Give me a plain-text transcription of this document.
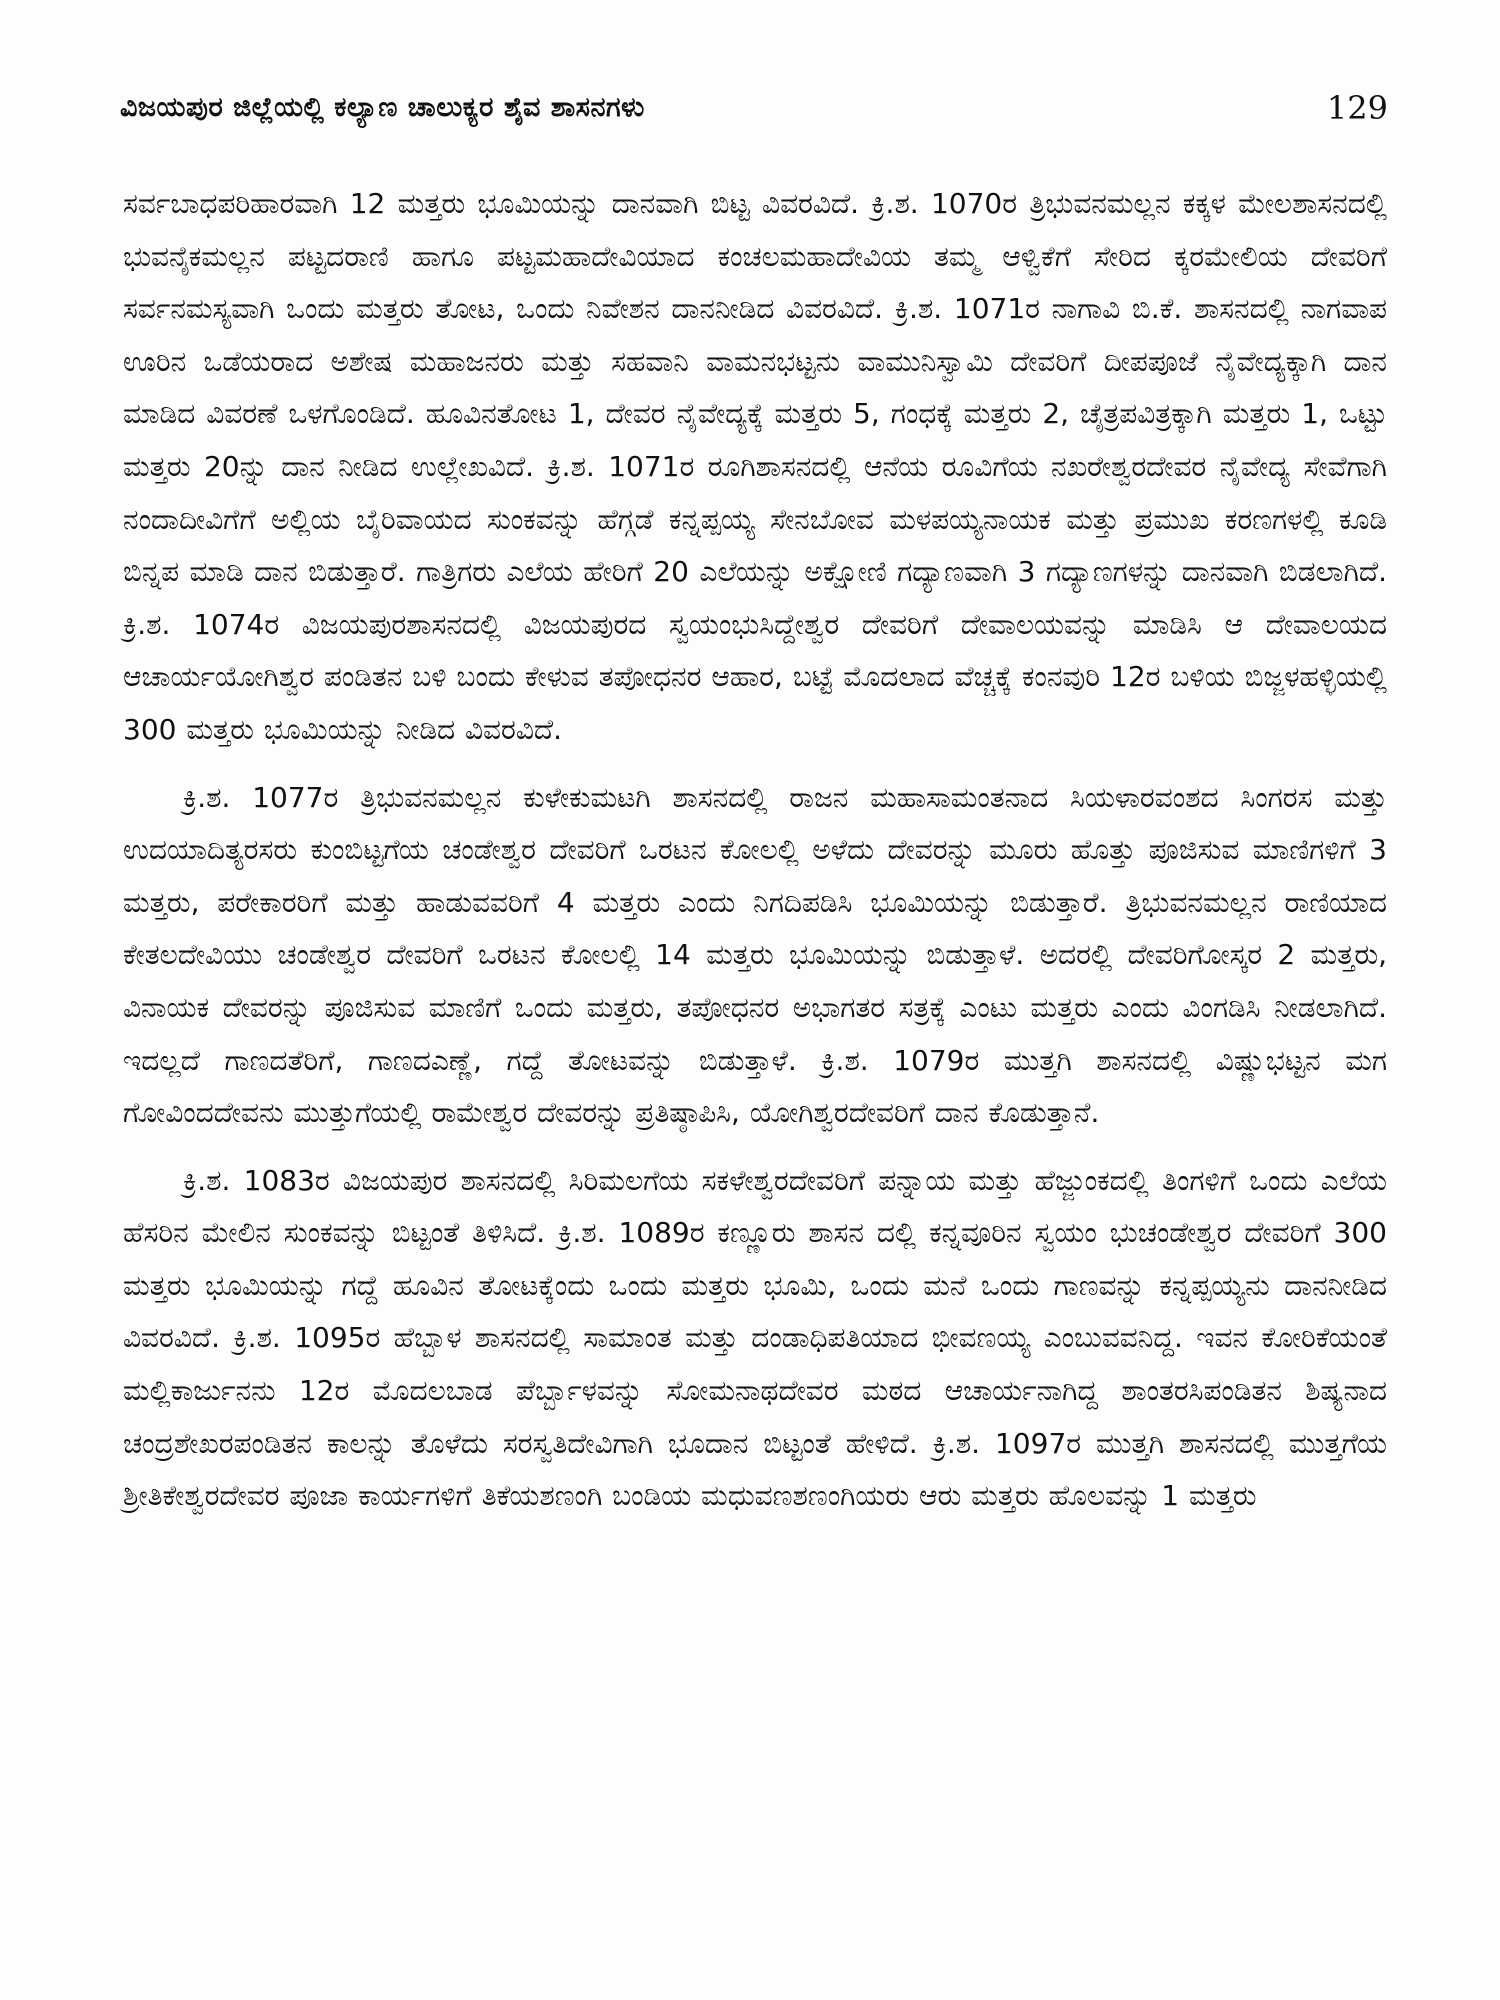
ವಿಜಯಪುರ ಜಿಲ್ಲೆಯಲ್ಲಿ ಕಲ್ಯಾಣ ಚಾಲುಕ್ಯರ ಶೈವ ಶಾಸನಗಳು	129

ಸರ್ವಬಾಧಪರಿಹಾರವಾಗಿ 12 ಮತ್ತರು ಭೂಮಿಯನ್ನು ದಾನವಾಗಿ ಬಿಟ್ಟ ವಿವರವಿದೆ. ಕ್ರಿ.ಶ. 1070ರ ತ್ರಿಭುವನಮಲ್ಲನ ಕಕ್ಕಳ ಮೇಲಶಾಸನದಲ್ಲಿ ಭುವನೈಕಮಲ್ಲನ ಪಟ್ಟದರಾಣಿ ಹಾಗೂ ಪಟ್ಟಮಹಾದೇವಿಯಾದ ಕಂಚಲಮಹಾದೇವಿಯ ತಮ್ಮ ಆಳ್ವಿಕೆಗೆ ಸೇರಿದ ಕ್ಕರಮೇಲಿಯ ದೇವರಿಗೆ ಸರ್ವನಮಸ್ಯವಾಗಿ ಒಂದು ಮತ್ತರು ತೋಟ, ಒಂದು ನಿವೇಶನ ದಾನನೀಡಿದ ವಿವರವಿದೆ. ಕ್ರಿ.ಶ. 1071ರ ನಾಗಾವಿ ಬಿ.ಕೆ. ಶಾಸನದಲ್ಲಿ ನಾಗವಾಪ ಊರಿನ ಒಡೆಯರಾದ ಅಶೇಷ ಮಹಾಜನರು ಮತ್ತು ಸಹವಾನಿ ವಾಮನಭಟ್ಟನು ವಾಮುನಿಸ್ವಾಮಿ ದೇವರಿಗೆ ದೀಪಪೂಜೆ ನೈವೇದ್ಯಕ್ಕಾಗಿ ದಾನ ಮಾಡಿದ ವಿವರಣೆ ಒಳಗೊಂಡಿದೆ. ಹೂವಿನತೋಟ 1, ದೇವರ ನೈವೇದ್ಯಕ್ಕೆ ಮತ್ತರು 5, ಗಂಧಕ್ಕೆ ಮತ್ತರು 2, ಚೈತ್ರಪವಿತ್ರಕ್ಕಾಗಿ ಮತ್ತರು 1, ಒಟ್ಟು ಮತ್ತರು 20ನ್ನು ದಾನ ನೀಡಿದ ಉಲ್ಲೇಖವಿದೆ. ಕ್ರಿ.ಶ. 1071ರ ರೂಗಿಶಾಸನದಲ್ಲಿ ಆನೆಯ ರೂವಿಗೆಯ ನಖರೇಶ್ವರದೇವರ ನೈವೇದ್ಯ ಸೇವೆಗಾಗಿ ನಂದಾದೀವಿಗೆಗೆ ಅಲ್ಲಿಯ ಬೈರಿವಾಯದ ಸುಂಕವನ್ನು ಹೆಗ್ಗಡೆ ಕನ್ನಪ್ಪಯ್ಯ ಸೇನಬೋವ ಮಳಪಯ್ಯನಾಯಕ ಮತ್ತು ಪ್ರಮುಖ ಕರಣಗಳಲ್ಲಿ ಕೂಡಿ ಬಿನ್ನಪ ಮಾಡಿ ದಾನ ಬಿಡುತ್ತಾರೆ. ಗಾತ್ರಿಗರು ಎಲೆಯ ಹೇರಿಗೆ 20 ಎಲೆಯನ್ನು ಅಕ್ಷೋಣಿ ಗದ್ಯಾಣವಾಗಿ 3 ಗದ್ಯಾಣಗಳನ್ನು ದಾನವಾಗಿ ಬಿಡಲಾಗಿದೆ. ಕ್ರಿ.ಶ. 1074ರ ವಿಜಯಪುರಶಾಸನದಲ್ಲಿ ವಿಜಯಪುರದ ಸ್ವಯಂಭುಸಿದ್ದೇಶ್ವರ ದೇವರಿಗೆ ದೇವಾಲಯವನ್ನು ಮಾಡಿಸಿ ಆ ದೇವಾಲಯದ ಆಚಾರ್ಯಯೋಗಿಶ್ವರ ಪಂಡಿತನ ಬಳಿ ಬಂದು ಕೇಳುವ ತಪೋಧನರ ಆಹಾರ, ಬಟ್ಟೆ ಮೊದಲಾದ ವೆಚ್ಚಕ್ಕೆ ಕಂನವುರಿ 12ರ ಬಳಿಯ ಬಿಜ್ಜಳಹಳ್ಳಿಯಲ್ಲಿ 300 ಮತ್ತರು ಭೂಮಿಯನ್ನು ನೀಡಿದ ವಿವರವಿದೆ.

ಕ್ರಿ.ಶ. 1077ರ ತ್ರಿಭುವನಮಲ್ಲನ ಕುಳೇಕುಮಟಗಿ ಶಾಸನದಲ್ಲಿ ರಾಜನ ಮಹಾಸಾಮಂತನಾದ ಸಿಯಳಾರವಂಶದ ಸಿಂಗರಸ ಮತ್ತು ಉದಯಾದಿತ್ಯರಸರು ಕುಂಬಿಟ್ಟಗೆಯ ಚಂಡೇಶ್ವರ ದೇವರಿಗೆ ಒರಟನ ಕೋಲಲ್ಲಿ ಅಳೆದು ದೇವರನ್ನು ಮೂರು ಹೊತ್ತು ಪೂಜಿಸುವ ಮಾಣಿಗಳಿಗೆ 3 ಮತ್ತರು, ಪರೇಕಾರರಿಗೆ ಮತ್ತು ಹಾಡುವವರಿಗೆ 4 ಮತ್ತರು ಎಂದು ನಿಗದಿಪಡಿಸಿ ಭೂಮಿಯನ್ನು ಬಿಡುತ್ತಾರೆ. ತ್ರಿಭುವನಮಲ್ಲನ ರಾಣಿಯಾದ ಕೇತಲದೇವಿಯು ಚಂಡೇಶ್ವರ ದೇವರಿಗೆ ಒರಟನ ಕೋಲಲ್ಲಿ 14 ಮತ್ತರು ಭೂಮಿಯನ್ನು ಬಿಡುತ್ತಾಳೆ. ಅದರಲ್ಲಿ ದೇವರಿಗೋಸ್ಕರ 2 ಮತ್ತರು, ವಿನಾಯಕ ದೇವರನ್ನು ಪೂಜಿಸುವ ಮಾಣಿಗೆ ಒಂದು ಮತ್ತರು, ತಪೋಧನರ ಅಭಾಗತರ ಸತ್ರಕ್ಕೆ ಎಂಟು ಮತ್ತರು ಎಂದು ವಿಂಗಡಿಸಿ ನೀಡಲಾಗಿದೆ. ಇದಲ್ಲದೆ ಗಾಣದತೆರಿಗೆ, ಗಾಣದಎಣ್ಣೆ, ಗದ್ದೆ ತೋಟವನ್ನು ಬಿಡುತ್ತಾಳೆ. ಕ್ರಿ.ಶ. 1079ರ ಮುತ್ತಗಿ ಶಾಸನದಲ್ಲಿ ವಿಷ್ಣುಭಟ್ಟನ ಮಗ ಗೋವಿಂದದೇವನು ಮುತ್ತುಗೆಯಲ್ಲಿ ರಾಮೇಶ್ವರ ದೇವರನ್ನು ಪ್ರತಿಷ್ಠಾಪಿಸಿ, ಯೋಗಿಶ್ವರದೇವರಿಗೆ ದಾನ ಕೊಡುತ್ತಾನೆ.

ಕ್ರಿ.ಶ. 1083ರ ವಿಜಯಪುರ ಶಾಸನದಲ್ಲಿ ಸಿರಿಮಲಗೆಯ ಸಕಳೇಶ್ವರದೇವರಿಗೆ ಪನ್ನಾಯ ಮತ್ತು ಹೆಜ್ಜುಂಕದಲ್ಲಿ ತಿಂಗಳಿಗೆ ಒಂದು ಎಲೆಯ ಹೆಸರಿನ ಮೇಲಿನ ಸುಂಕವನ್ನು ಬಿಟ್ಟಂತೆ ತಿಳಿಸಿದೆ. ಕ್ರಿ.ಶ. 1089ರ ಕಣ್ಣೂರು ಶಾಸನ ದಲ್ಲಿ ಕನ್ನವೂರಿನ ಸ್ವಯಂ ಭುಚಂಡೇಶ್ವರ ದೇವರಿಗೆ 300 ಮತ್ತರು ಭೂಮಿಯನ್ನು ಗದ್ದೆ ಹೂವಿನ ತೋಟಕ್ಕೆಂದು ಒಂದು ಮತ್ತರು ಭೂಮಿ, ಒಂದು ಮನೆ ಒಂದು ಗಾಣವನ್ನು ಕನ್ನಪ್ಪಯ್ಯನು ದಾನನೀಡಿದ ವಿವರವಿದೆ. ಕ್ರಿ.ಶ. 1095ರ ಹೆಬ್ಬಾಳ ಶಾಸನದಲ್ಲಿ ಸಾಮಾಂತ ಮತ್ತು ದಂಡಾಧಿಪತಿಯಾದ ಭೀವಣಯ್ಯ ಎಂಬುವವನಿದ್ದ. ಇವನ ಕೋರಿಕೆಯಂತೆ ಮಲ್ಲಿಕಾರ್ಜುನನು 12ರ ಮೊದಲಬಾಡ ಪೆರ್ಬ್ಬಾಳವನ್ನು ಸೋಮನಾಥದೇವರ ಮಠದ ಆಚಾರ್ಯನಾಗಿದ್ದ ಶಾಂತರಸಿಪಂಡಿತನ ಶಿಷ್ಯನಾದ ಚಂದ್ರಶೇಖರಪಂಡಿತನ ಕಾಲನ್ನು ತೊಳೆದು ಸರಸ್ವತಿದೇವಿಗಾಗಿ ಭೂದಾನ ಬಿಟ್ಟಂತೆ ಹೇಳಿದೆ. ಕ್ರಿ.ಶ. 1097ರ ಮುತ್ತಗಿ ಶಾಸನದಲ್ಲಿ ಮುತ್ತಗೆಯ ಶ್ರೀತಿಕೇಶ್ವರದೇವರ ಪೂಜಾ ಕಾರ್ಯಗಳಿಗೆ ತಿಕೆಯಶಣಂಗಿ ಬಂಡಿಯ ಮಧುವಣಶಣಂಗಿಯರು ಆರು ಮತ್ತರು ಹೊಲವನ್ನು 1 ಮತ್ತರು
